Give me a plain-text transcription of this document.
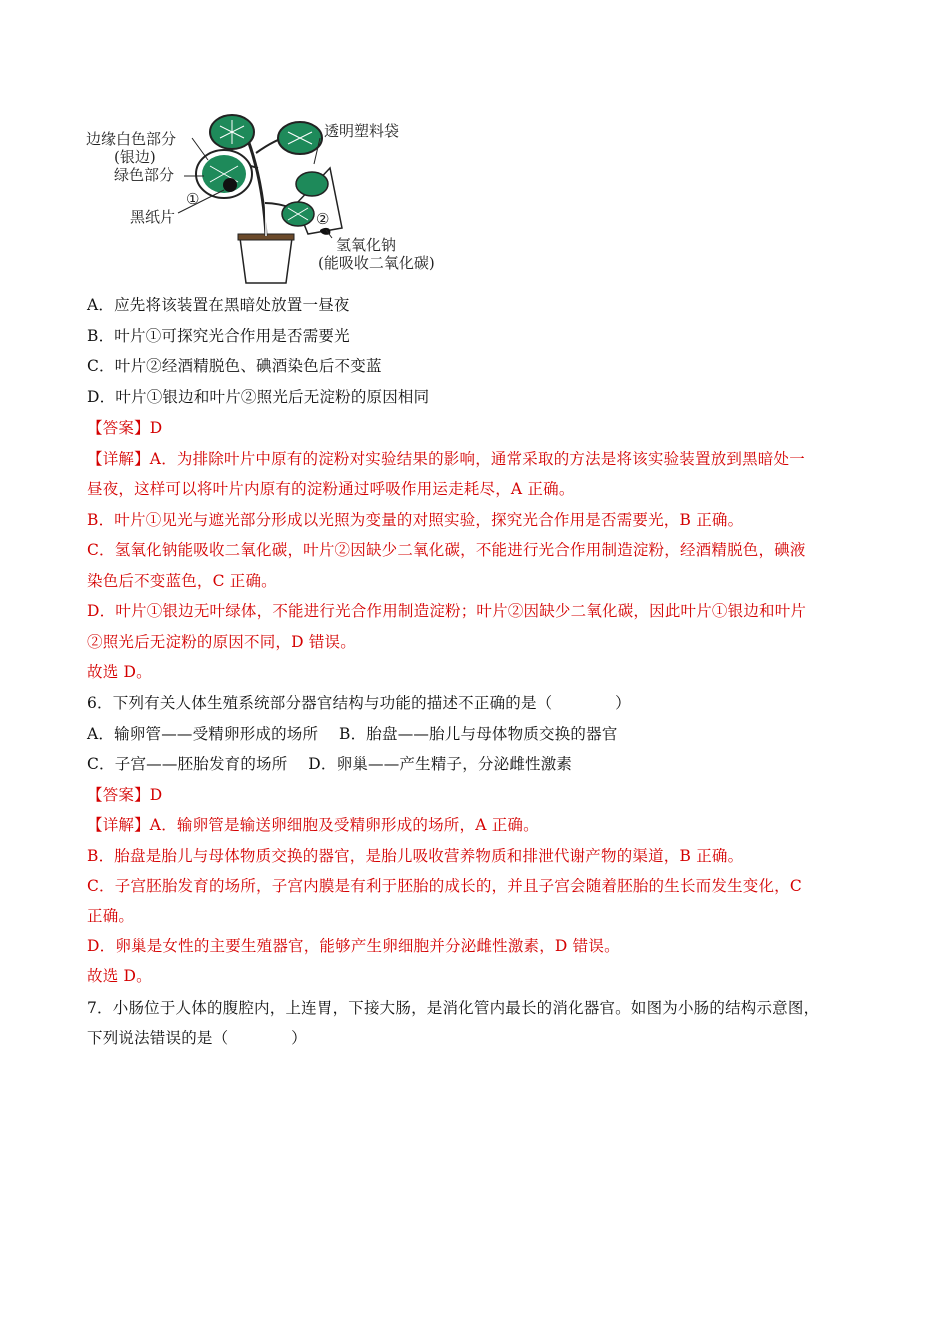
边缘白色部分
(银边)
绿色部分
①
黑纸片
透明塑料袋
②
氢氧化钠
(能吸收二氧化碳)
A．应先将该装置在黑暗处放置一昼夜
B．叶片①可探究光合作用是否需要光
C．叶片②经酒精脱色、碘酒染色后不变蓝
D．叶片①银边和叶片②照光后无淀粉的原因相同
【答案】D
【详解】A．为排除叶片中原有的淀粉对实验结果的影响，通常采取的方法是将该实验装置放到黑暗处一
昼夜，这样可以将叶片内原有的淀粉通过呼吸作用运走耗尽，A 正确。
B．叶片①见光与遮光部分形成以光照为变量的对照实验，探究光合作用是否需要光，B 正确。
C．氢氧化钠能吸收二氧化碳，叶片②因缺少二氧化碳，不能进行光合作用制造淀粉，经酒精脱色，碘液
染色后不变蓝色，C 正确。
D．叶片①银边无叶绿体，不能进行光合作用制造淀粉；叶片②因缺少二氧化碳，因此叶片①银边和叶片
②照光后无淀粉的原因不同，D 错误。
故选 D。
6．下列有关人体生殖系统部分器官结构与功能的描述不正确的是（　　　　）
A．输卵管——受精卵形成的场所　 B．胎盘——胎儿与母体物质交换的器官
C．子宫——胚胎发育的场所　 D．卵巢——产生精子，分泌雌性激素
【答案】D
【详解】A．输卵管是输送卵细胞及受精卵形成的场所，A 正确。
B．胎盘是胎儿与母体物质交换的器官，是胎儿吸收营养物质和排泄代谢产物的渠道，B 正确。
C．子宫胚胎发育的场所，子宫内膜是有利于胚胎的成长的，并且子宫会随着胚胎的生长而发生变化，C
正确。
D．卵巢是女性的主要生殖器官，能够产生卵细胞并分泌雌性激素，D 错误。
故选 D。
7．小肠位于人体的腹腔内，上连胃，下接大肠，是消化管内最长的消化器官。如图为小肠的结构示意图，
下列说法错误的是（　　　　）
